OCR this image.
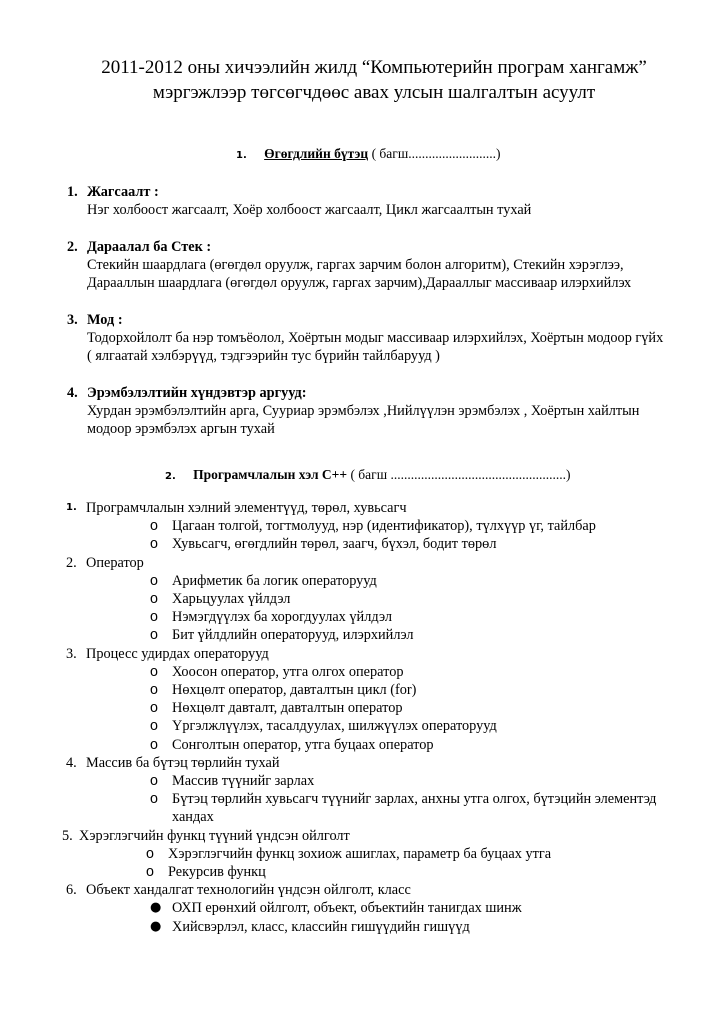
2011-2012 оны хичээлийн жилд “Компьютерийн програм хангамж”
мэргэжлээр төгсөгчдөөс авах улсын шалгалтын асуулт
1. Өгөгдлийн бүтэц ( багш..........................)
1. Жагсаалт :
Нэг холбоост жагсаалт, Хоёр холбоост жагсаалт, Цикл жагсаалтын тухай
2. Дараалал ба Стек :
Стекийн шаардлага (өгөгдөл оруулж, гаргах зарчим болон алгоритм), Стекийн хэрэглээ,
Дарааллын шаардлага (өгөгдөл оруулж, гаргах зарчим),Дарааллыг массиваар илэрхийлэх
3. Мод :
Тодорхойлолт ба нэр томъёолол, Хоёртын модыг массиваар илэрхийлэх, Хоёртын модоор гүйх
( ялгаатай хэлбэрүүд, тэдгээрийн тус бүрийн тайлбарууд )
4. Эрэмбэлэлтийн хүндэвтэр аргууд:
Хурдан эрэмбэлэлтийн арга, Сууриар эрэмбэлэх ,Нийлүүлэн эрэмбэлэх , Хоёртын хайлтын
модоор эрэмбэлэх аргын тухай
2. Програмчлалын хэл C++ ( багш ....................................................)
1. Програмчлалын хэлний элементүүд, төрөл, хувьсагч
o Цагаан толгой, тогтмолууд, нэр (идентификатор), түлхүүр үг, тайлбар
o Хувьсагч, өгөгдлийн төрөл, заагч, бүхэл, бодит төрөл
2. Оператор
o Арифметик ба логик операторууд
o Харьцуулах үйлдэл
o Нэмэгдүүлэх ба хорогдуулах үйлдэл
o Бит үйлдлийн операторууд, илэрхийлэл
3. Процесс удирдах операторууд
o Хоосон оператор, утга олгох оператор
o Нөхцөлт оператор, давталтын цикл (for)
o Нөхцөлт давталт, давталтын оператор
o Үргэлжлүүлэх, тасалдуулах, шилжүүлэх операторууд
o Сонголтын оператор, утга буцаах оператор
4. Массив ба бүтэц төрлийн тухай
o Массив түүнийг зарлах
o Бүтэц төрлийн хувьсагч түүнийг зарлах, анхны утга олгох, бүтэцийн элементэд
хандах
5. Хэрэглэгчийн функц түүний үндсэн ойлголт
o Хэрэглэгчийн функц зохиож ашиглах, параметр ба буцаах утга
o Рекурсив функц
6. Объект хандалгат технологийн үндсэн ойлголт, класс
● ОХП ерөнхий ойлголт, объект, объектийн танигдах шинж
● Хийсвэрлэл, класс, классийн гишүүдийн гишүүд
